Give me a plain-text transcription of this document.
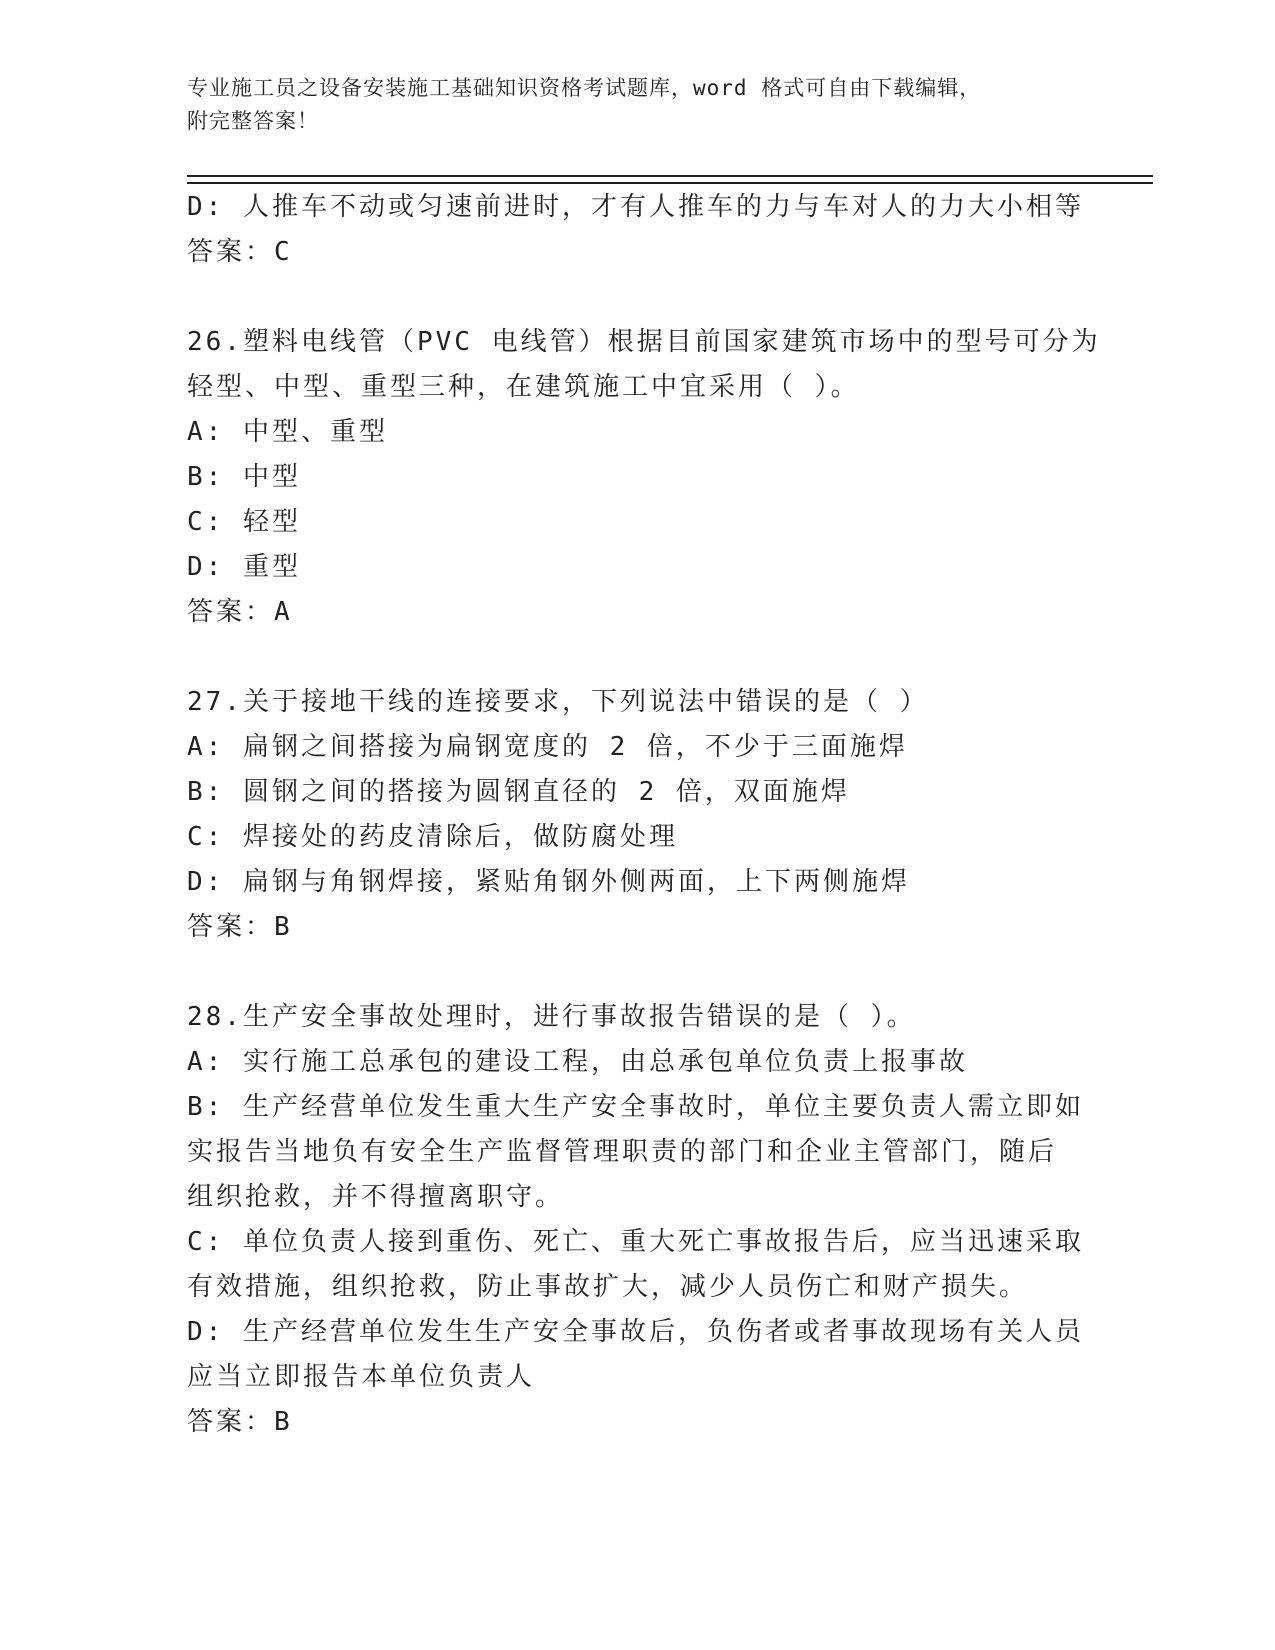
专业施工员之设备安装施工基础知识资格考试题库，word 格式可自由下载编辑，
附完整答案！
D: 人推车不动或匀速前进时，才有人推车的力与车对人的力大小相等
答案：C
26.塑料电线管（PVC 电线管）根据目前国家建筑市场中的型号可分为
轻型、中型、重型三种，在建筑施工中宜采用（ ）。
A: 中型、重型
B: 中型
C: 轻型
D: 重型
答案：A
27.关于接地干线的连接要求，下列说法中错误的是（ ）
A: 扁钢之间搭接为扁钢宽度的 2 倍，不少于三面施焊
B: 圆钢之间的搭接为圆钢直径的 2 倍，双面施焊
C: 焊接处的药皮清除后，做防腐处理
D: 扁钢与角钢焊接，紧贴角钢外侧两面，上下两侧施焊
答案：B
28.生产安全事故处理时，进行事故报告错误的是（ ）。
A: 实行施工总承包的建设工程，由总承包单位负责上报事故
B: 生产经营单位发生重大生产安全事故时，单位主要负责人需立即如
实报告当地负有安全生产监督管理职责的部门和企业主管部门，随后
组织抢救，并不得擅离职守。
C: 单位负责人接到重伤、死亡、重大死亡事故报告后，应当迅速采取
有效措施，组织抢救，防止事故扩大，减少人员伤亡和财产损失。
D: 生产经营单位发生生产安全事故后，负伤者或者事故现场有关人员
应当立即报告本单位负责人
答案：B
